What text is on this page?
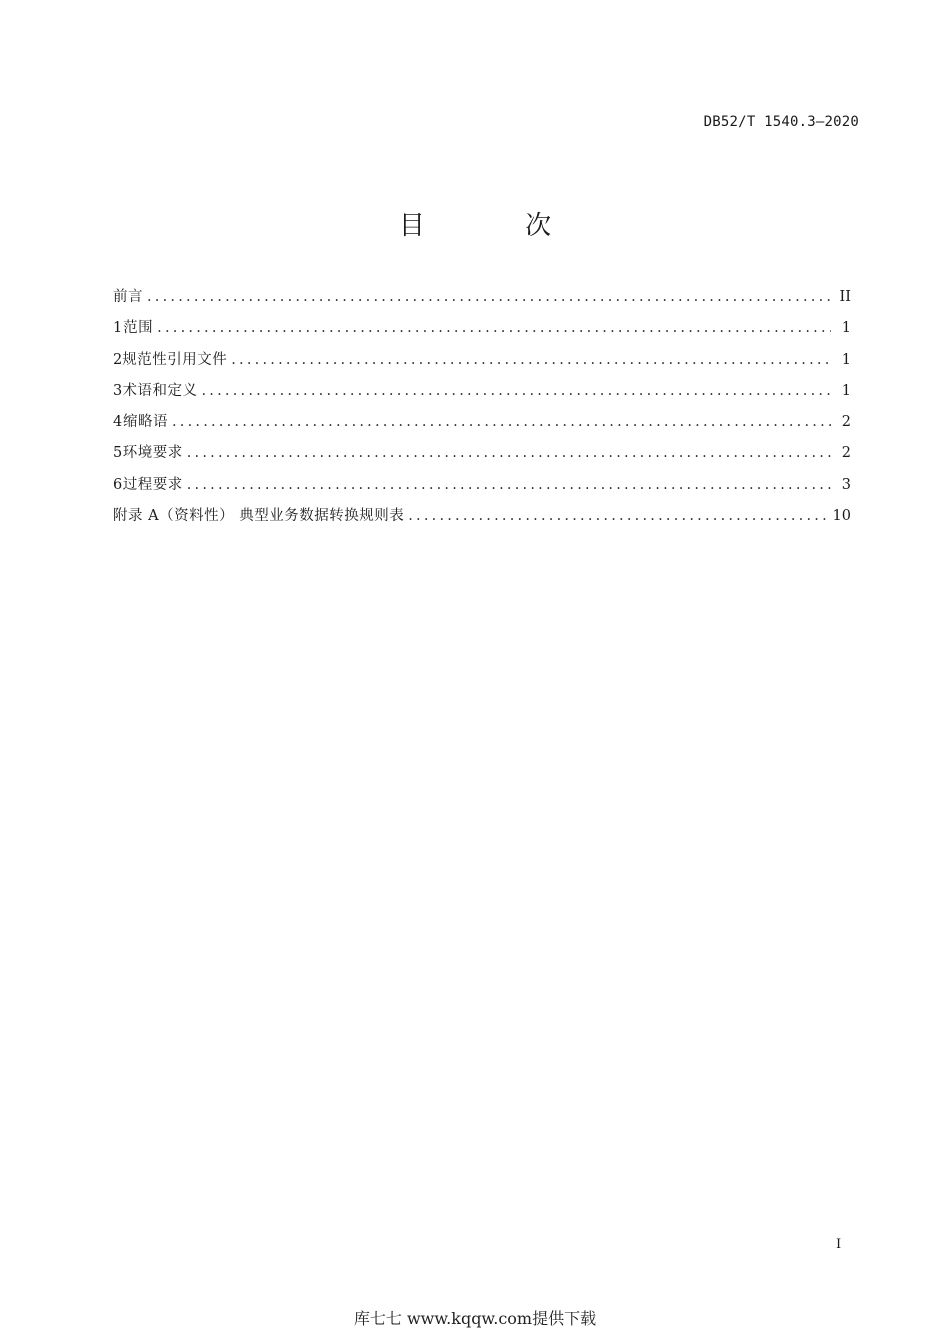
DB52/T 1540.3—2020
目 次
前言 .....	II
1 范围 .....	1
2 规范性引用文件 .....	1
3 术语和定义 .....	1
4 缩略语 .....	2
5 环境要求 .....	2
6 过程要求 .....	3
附录 A（资料性） 典型业务数据转换规则表 .....	10
I
库七七 www.kqqw.com提供下载
